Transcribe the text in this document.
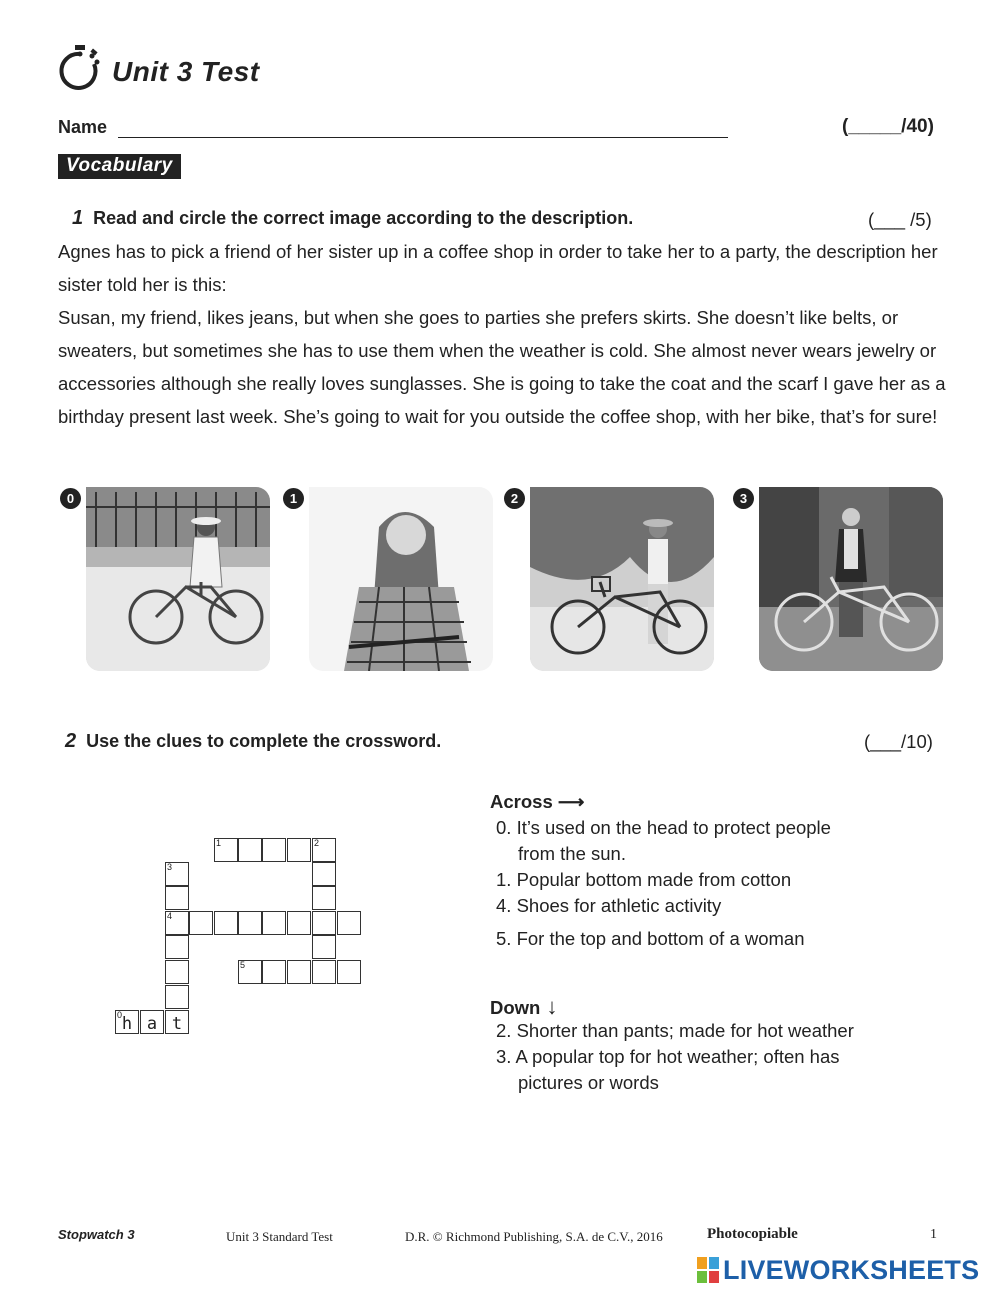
Unit 3 Test
Name	(_____/40)
Vocabulary
1 Read and circle the correct image according to the description.	(___ /5)
Agnes has to pick a friend of her sister up in a coffee shop in order to take her to a party, the description her sister told her is this:
Susan, my friend, likes jeans, but when she goes to parties she prefers skirts. She doesn’t like belts, or sweaters, but sometimes she has to use them when the weather is cold. She almost never wears jewelry or accessories although she really loves sunglasses. She is going to take the coat and the scarf I gave her as a birthday present last week. She’s going to wait for you outside the coffee shop, with her bike, that’s for sure!
0	1	2	3
2 Use the clues to complete the crossword.	(___/10)
1	2
3
4
t
5
0 h a
Across ⟶
0. It’s used on the head to protect people
from the sun.
1. Popular bottom made from cotton
4. Shoes for athletic activity
5. For the top and bottom of a woman
Down ↓
2. Shorter than pants; made for hot weather
3. A popular top for hot weather; often has
pictures or words
Stopwatch 3	Unit 3 Standard Test	D.R. © Richmond Publishing, S.A. de C.V., 2016	Photocopiable	1
LIVEWORKSHEETS
